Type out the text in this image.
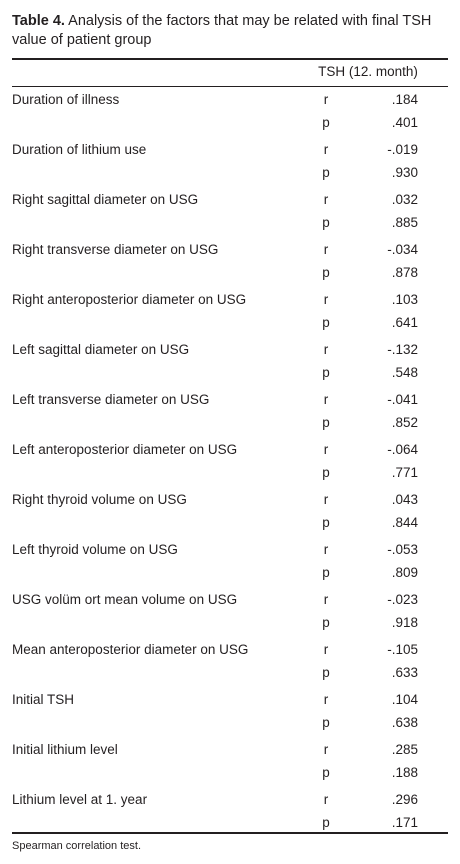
Table 4. Analysis of the factors that may be related with final TSH value of patient group
TSH (12. month)
Duration of illness	r	.184
p	.401
Duration of lithium use	r	-.019
p	.930
Right sagittal diameter on USG	r	.032
p	.885
Right transverse diameter on USG	r	-.034
p	.878
Right anteroposterior diameter on USG	r	.103
p	.641
Left sagittal diameter on USG	r	-.132
p	.548
Left transverse diameter on USG	r	-.041
p	.852
Left anteroposterior diameter on USG	r	-.064
p	.771
Right thyroid volume on USG	r	.043
p	.844
Left thyroid volume on USG	r	-.053
p	.809
USG volüm ort mean volume on USG	r	-.023
p	.918
Mean anteroposterior diameter on USG	r	-.105
p	.633
Initial TSH	r	.104
p	.638
Initial lithium level	r	.285
p	.188
Lithium level at 1. year	r	.296
p	.171
Spearman correlation test.
